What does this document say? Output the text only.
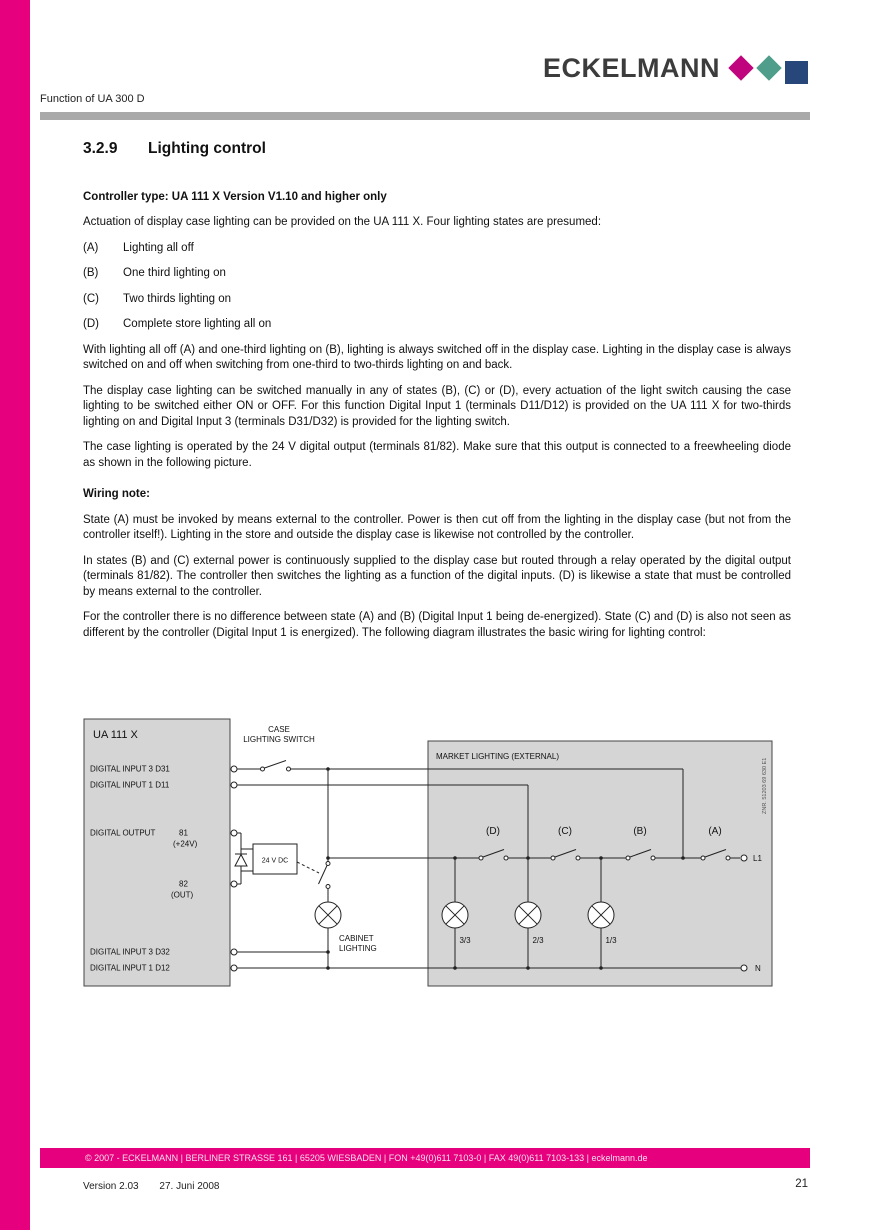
ECKELMANN
Function of UA 300 D
3.2.9 Lighting control

Controller type: UA 111 X Version V1.10 and higher only

Actuation of display case lighting can be provided on the UA 111 X. Four lighting states are presumed:

(A)	Lighting all off
(B)	One third lighting on
(C)	Two thirds lighting on
(D)	Complete store lighting all on

With lighting all off (A) and one-third lighting on (B), lighting is always switched off in the display case. Lighting in the display case is always switched on and off when switching from one-third to two-thirds lighting on and back.

The display case lighting can be switched manually in any of states (B), (C) or (D), every actuation of the light switch causing the case lighting to be switched either ON or OFF. For this function Digital Input 1 (terminals D11/D12) is provided on the UA 111 X for two-thirds lighting on and Digital Input 3 (terminals D31/D32) is provided for the lighting switch.

The case lighting is operated by the 24 V digital output (terminals 81/82). Make sure that this output is connected to a freewheeling diode as shown in the following picture.

Wiring note:

State (A) must be invoked by means external to the controller. Power is then cut off from the lighting in the display case (but not from the controller itself!). Lighting in the store and outside the display case is likewise not controlled by the controller.

In states (B) and (C) external power is continuously supplied to the display case but routed through a relay operated by the digital output (terminals 81/82). The controller then switches the lighting as a function of the digital inputs. (D) is likewise a state that must be controlled by means external to the controller.

For the controller there is no difference between state (A) and (B) (Digital Input 1 being de-energized). State (C) and (D) is also not seen as different by the controller (Digital Input 1 is energized). The following diagram illustrates the basic wiring for lighting control:

24 V DC
UA 111 X
DIGITAL INPUT 3 D31
DIGITAL INPUT 1 D11
DIGITAL OUTPUT	81
(+24V)
82
(OUT)
DIGITAL INPUT 3 D32
DIGITAL INPUT 1 D12
CASE
LIGHTING SWITCH
MARKET LIGHTING (EXTERNAL)
ZNR. 51203 69 630 E1
(D)	(C)	(B)	(A)
3/3	2/3	1/3
CABINET
LIGHTING
L1
N
© 2007 - ECKELMANN | BERLINER STRASSE 161 | 65205 WIESBADEN | FON +49(0)611 7103-0 | FAX 49(0)611 7103-133 | eckelmann.de
Version 2.03 27. Juni 2008	21
